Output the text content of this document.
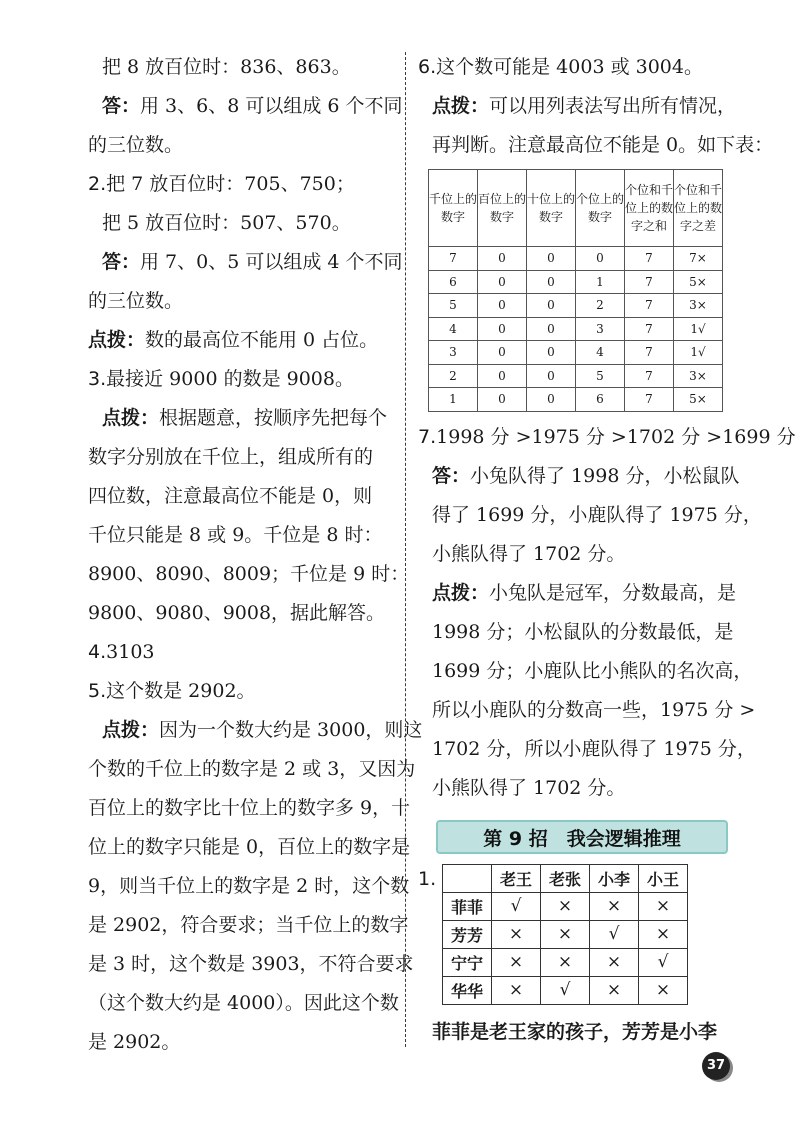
把 8 放百位时：836、863。

答：用 3、6、8 可以组成 6 个不同

的三位数。

2.把 7 放百位时：705、750；

把 5 放百位时：507、570。

答：用 7、0、5 可以组成 4 个不同

的三位数。

点拨：数的最高位不能用 0 占位。

3.最接近 9000 的数是 9008。

点拨：根据题意，按顺序先把每个

数字分别放在千位上，组成所有的

四位数，注意最高位不能是 0，则

千位只能是 8 或 9。千位是 8 时：

8900、8090、8009；千位是 9 时：

9800、9080、9008，据此解答。

4.3103

5.这个数是 2902。

点拨：因为一个数大约是 3000，则这

个数的千位上的数字是 2 或 3，又因为

百位上的数字比十位上的数字多 9，十

位上的数字只能是 0，百位上的数字是

9，则当千位上的数字是 2 时，这个数

是 2902，符合要求；当千位上的数字

是 3 时，这个数是 3903，不符合要求

（这个数大约是 4000）。因此这个数

是 2902。

6.这个数可能是 4003 或 3004。

点拨：可以用列表法写出所有情况，

再判断。注意最高位不能是 0。如下表：

千位上的数字	百位上的数字	十位上的数字	个位上的数字	个位和千位上的数字之和	个位和千位上的数字之差
7	0	0	0	7	7×
6	0	0	1	7	5×
5	0	0	2	7	3×
4	0	0	3	7	1√
3	0	0	4	7	1√
2	0	0	5	7	3×
1	0	0	6	7	5×

7.1998 分 >1975 分 >1702 分 >1699 分

答：小兔队得了 1998 分，小松鼠队

得了 1699 分，小鹿队得了 1975 分，

小熊队得了 1702 分。

点拨：小兔队是冠军，分数最高，是

1998 分；小松鼠队的分数最低，是

1699 分；小鹿队比小熊队的名次高，

所以小鹿队的分数高一些，1975 分 >

1702 分，所以小鹿队得了 1975 分，

小熊队得了 1702 分。

第 9 招　我会逻辑推理
1.
		老王	老张	小李	小王
菲菲	√	×	×	×
芳芳	×	×	√	×
宁宁	×	×	×	√
华华	×	√	×	×

菲菲是老王家的孩子，芳芳是小李

37
